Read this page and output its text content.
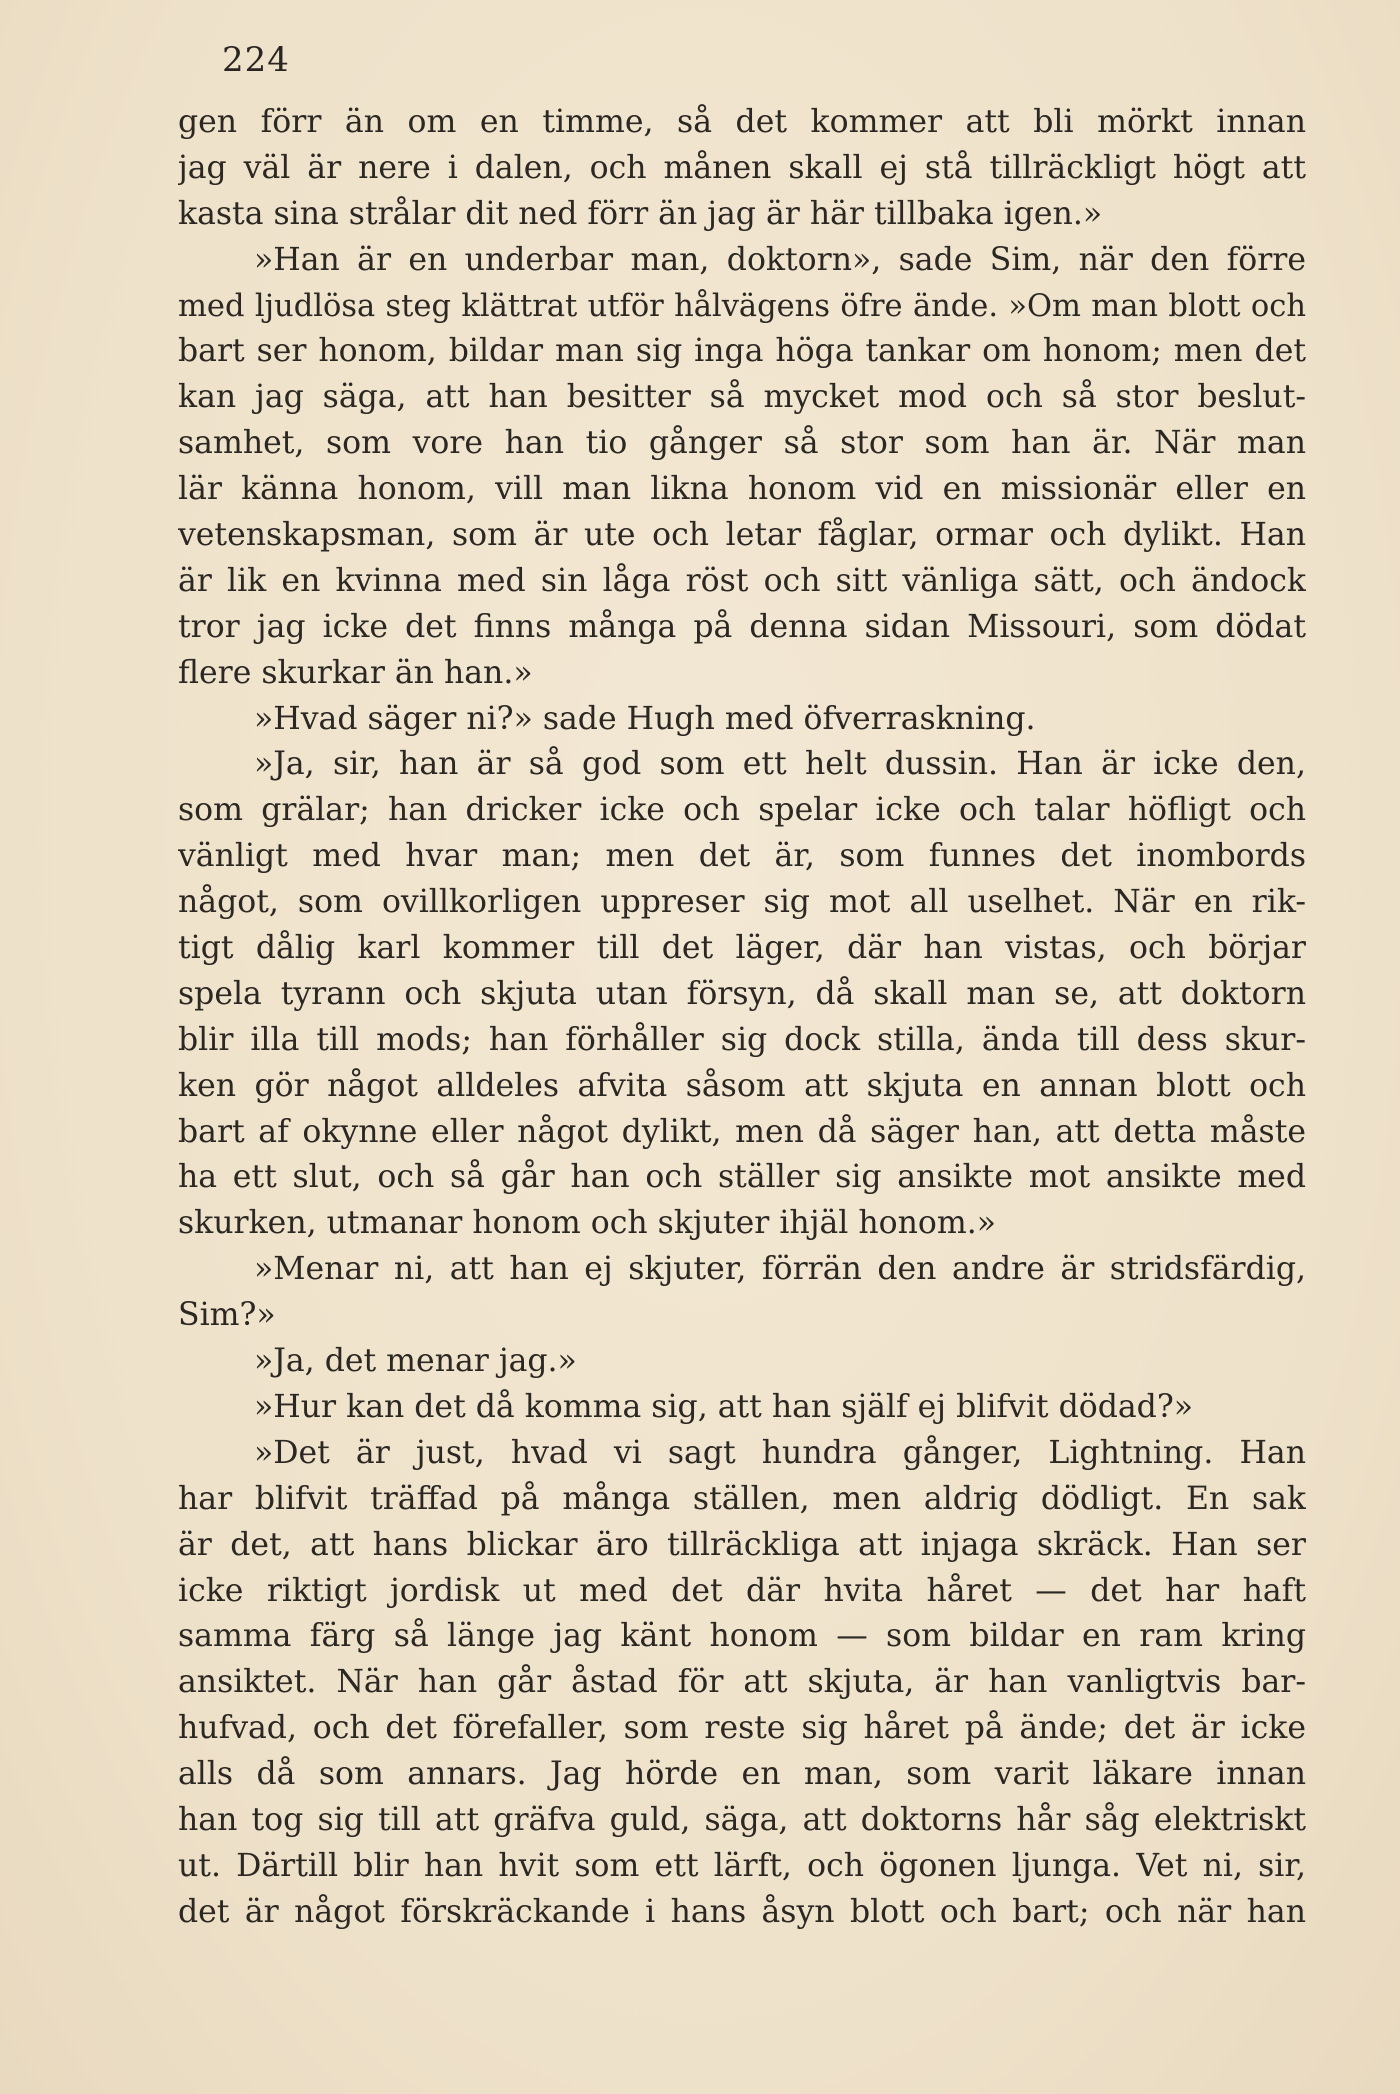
224
gen förr än om en timme, så det kommer att bli mörkt innan
jag väl är nere i dalen, och månen skall ej stå tillräckligt högt att
kasta sina strålar dit ned förr än jag är här tillbaka igen.»
»Han är en underbar man, doktorn», sade Sim, när den förre
med ljudlösa steg klättrat utför hålvägens öfre ände. »Om man blott och
bart ser honom, bildar man sig inga höga tankar om honom; men det
kan jag säga, att han besitter så mycket mod och så stor beslut-
samhet, som vore han tio gånger så stor som han är. När man
lär känna honom, vill man likna honom vid en missionär eller en
vetenskapsman, som är ute och letar fåglar, ormar och dylikt. Han
är lik en kvinna med sin låga röst och sitt vänliga sätt, och ändock
tror jag icke det finns många på denna sidan Missouri, som dödat
flere skurkar än han.»
»Hvad säger ni?» sade Hugh med öfverraskning.
»Ja, sir, han är så god som ett helt dussin. Han är icke den,
som grälar; han dricker icke och spelar icke och talar höfligt och
vänligt med hvar man; men det är, som funnes det inombords
något, som ovillkorligen uppreser sig mot all uselhet. När en rik-
tigt dålig karl kommer till det läger, där han vistas, och börjar
spela tyrann och skjuta utan försyn, då skall man se, att doktorn
blir illa till mods; han förhåller sig dock stilla, ända till dess skur-
ken gör något alldeles afvita såsom att skjuta en annan blott och
bart af okynne eller något dylikt, men då säger han, att detta måste
ha ett slut, och så går han och ställer sig ansikte mot ansikte med
skurken, utmanar honom och skjuter ihjäl honom.»
»Menar ni, att han ej skjuter, förrän den andre är stridsfärdig,
Sim?»
»Ja, det menar jag.»
»Hur kan det då komma sig, att han själf ej blifvit dödad?»
»Det är just, hvad vi sagt hundra gånger, Lightning. Han
har blifvit träffad på många ställen, men aldrig dödligt. En sak
är det, att hans blickar äro tillräckliga att injaga skräck. Han ser
icke riktigt jordisk ut med det där hvita håret — det har haft
samma färg så länge jag känt honom — som bildar en ram kring
ansiktet. När han går åstad för att skjuta, är han vanligtvis bar-
hufvad, och det förefaller, som reste sig håret på ände; det är icke
alls då som annars. Jag hörde en man, som varit läkare innan
han tog sig till att gräfva guld, säga, att doktorns hår såg elektriskt
ut. Därtill blir han hvit som ett lärft, och ögonen ljunga. Vet ni, sir,
det är något förskräckande i hans åsyn blott och bart; och när han
